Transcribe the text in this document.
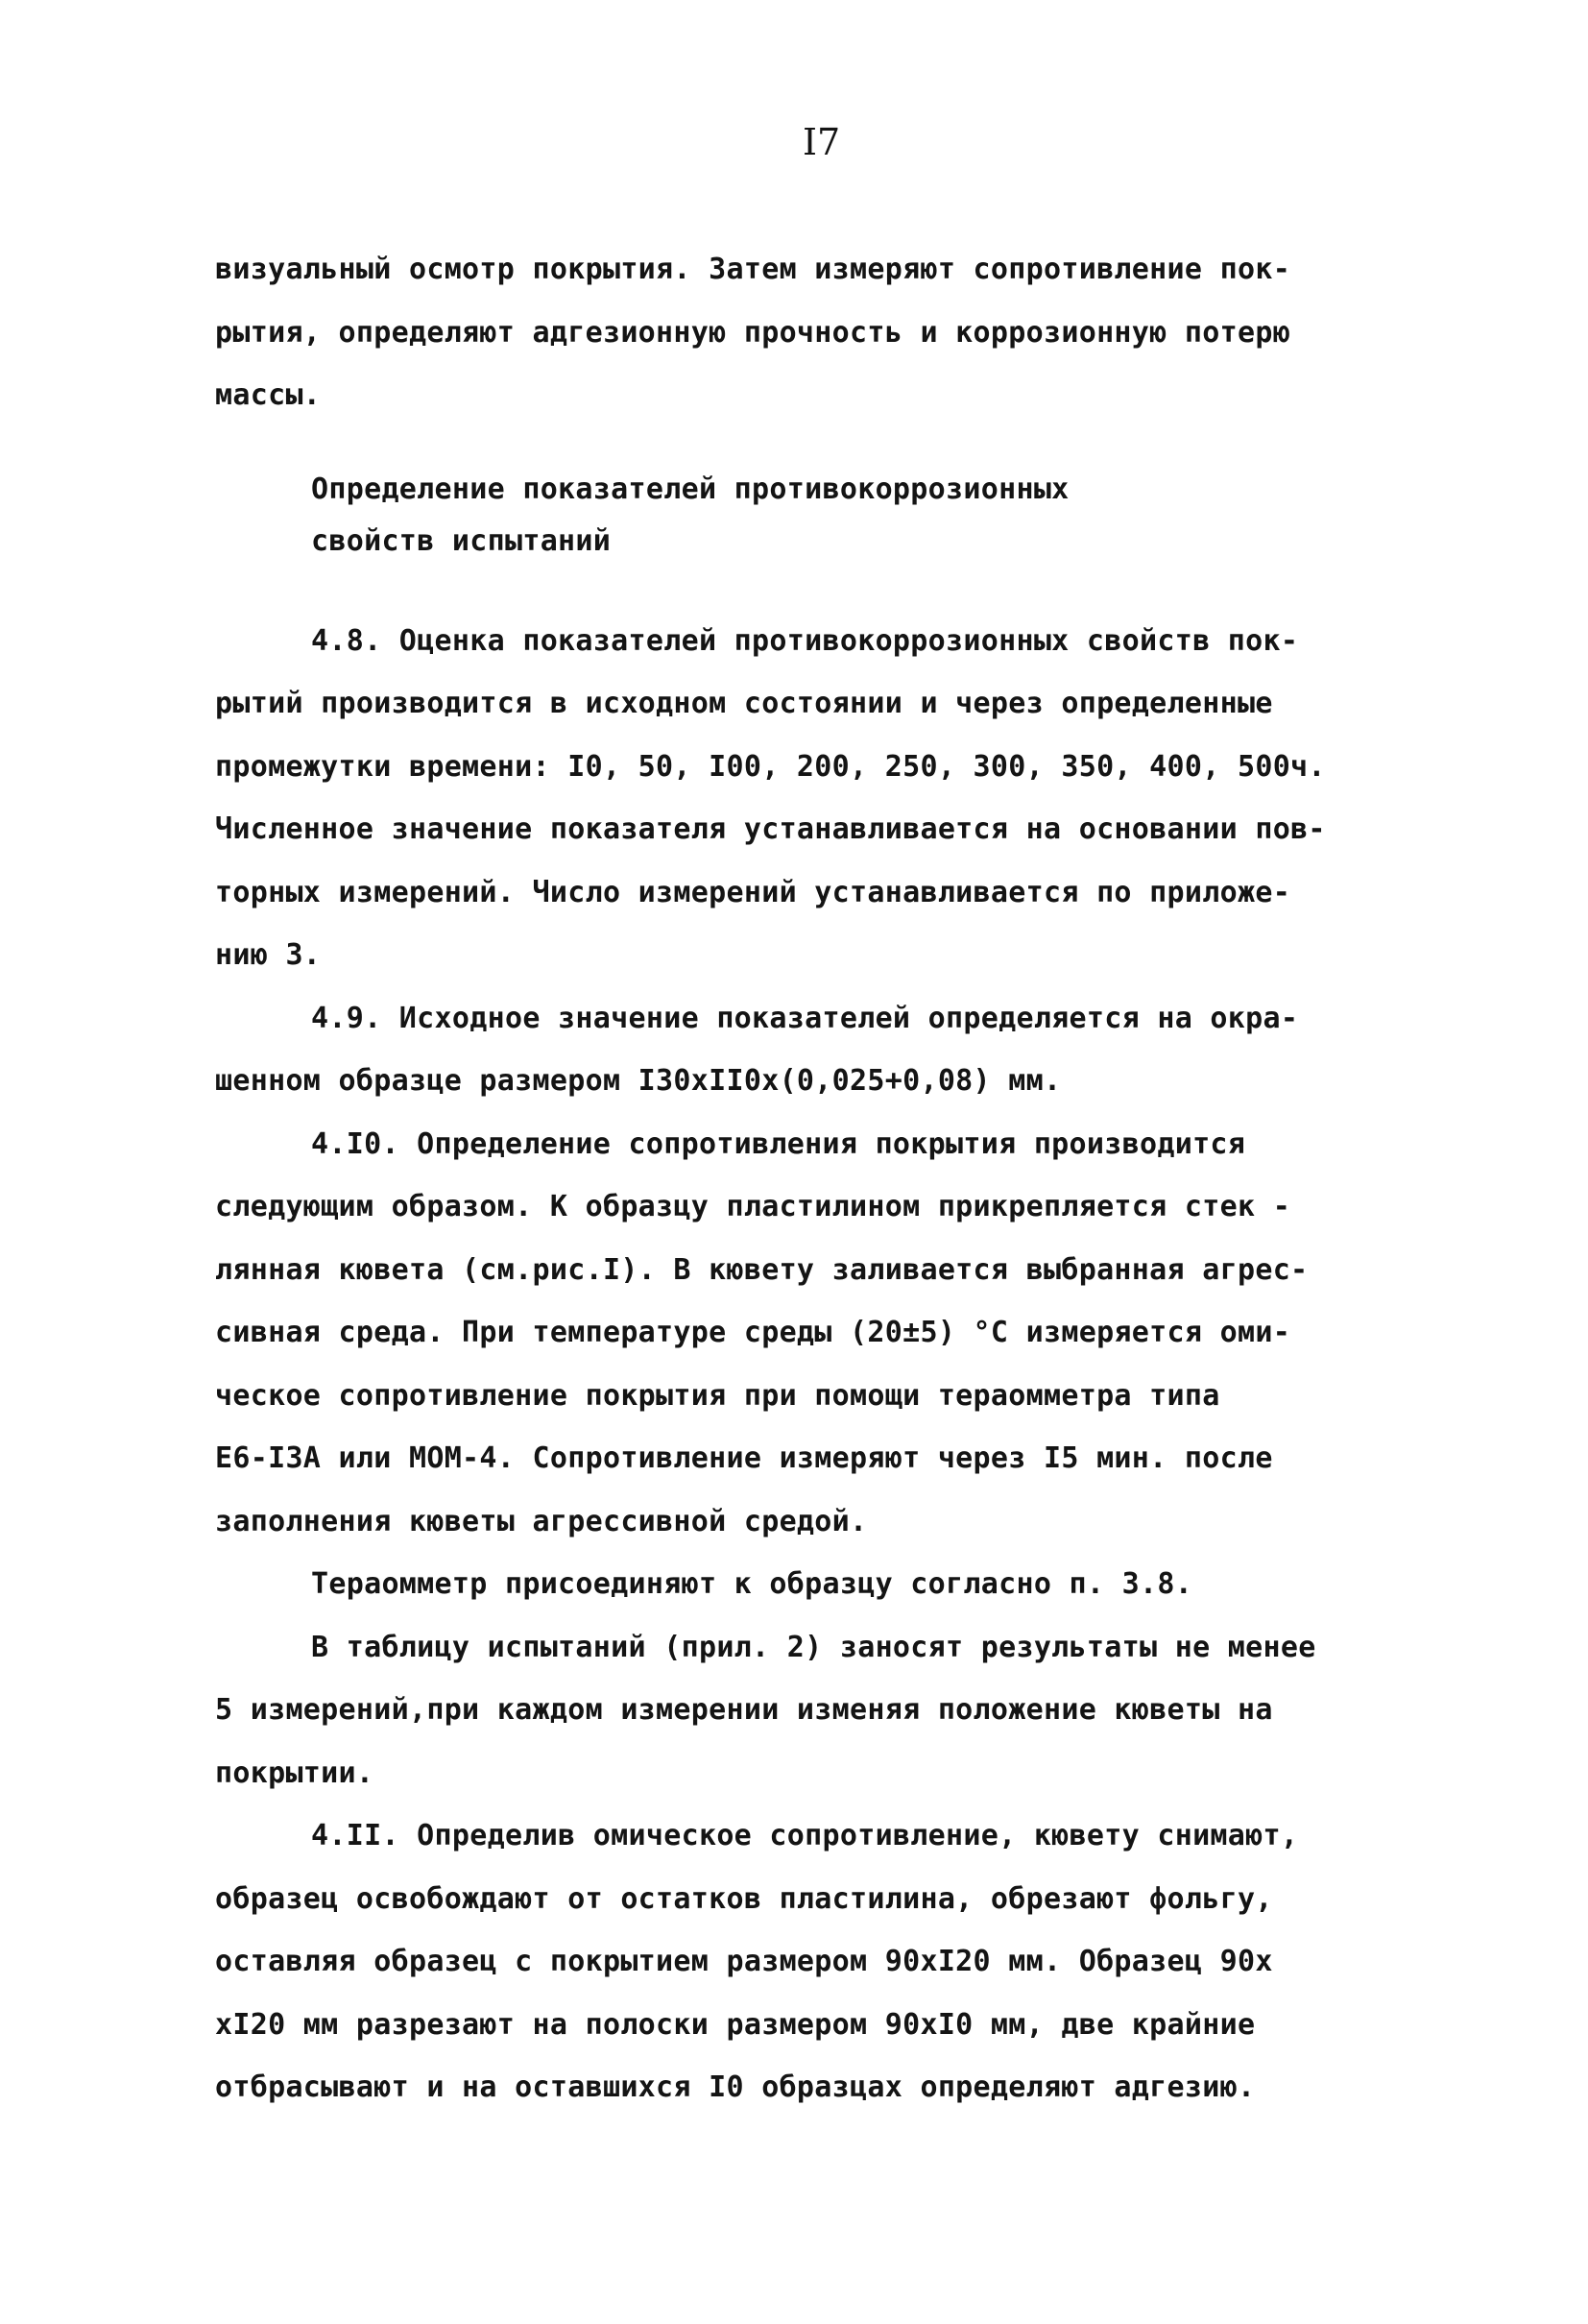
I7

визуальный осмотр покрытия. Затем измеряют сопротивление пок-
рытия, определяют адгезионную прочность и коррозионную потерю
массы.

Определение показателей противокоррозионных
свойств испытаний

4.8. Оценка показателей противокоррозионных свойств пок-
рытий производится в исходном состоянии и через определенные
промежутки времени: I0, 50, I00, 200, 250, 300, 350, 400, 500ч.
Численное значение показателя устанавливается на основании пов-
торных измерений. Число измерений устанавливается по приложе-
нию 3.

4.9. Исходное значение показателей определяется на окра-
шенном образце размером I30xII0x(0,025+0,08) мм.

4.I0. Определение сопротивления покрытия производится
следующим образом. К образцу пластилином прикрепляется стек -
лянная кювета (см.рис.I). В кювету заливается выбранная агрес-
сивная среда. При температуре среды (20±5) °С измеряется оми-
ческое сопротивление покрытия при помощи тераомметра типа
Е6-I3А или МОМ-4. Сопротивление измеряют через I5 мин. после
заполнения кюветы агрессивной средой.

Тераомметр присоединяют к образцу согласно п. 3.8.

В таблицу испытаний (прил. 2) заносят результаты не менее
5 измерений,при каждом измерении изменяя положение кюветы на
покрытии.

4.II. Определив омическое сопротивление, кювету снимают,
образец освобождают от остатков пластилина, обрезают фольгу,
оставляя образец с покрытием размером 90xI20 мм. Образец 90x
xI20 мм разрезают на полоски размером 90xI0 мм, две крайние
отбрасывают и на оставшихся I0 образцах определяют адгезию.
